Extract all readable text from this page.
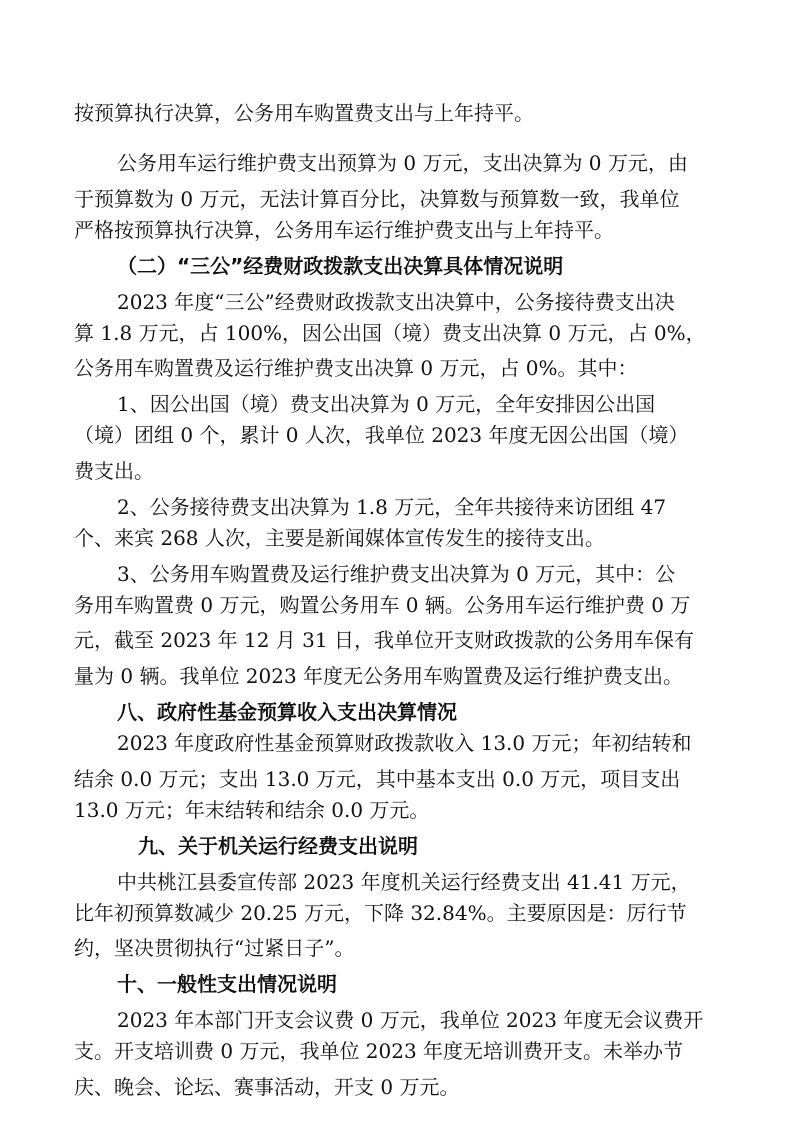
按预算执行决算，公务用车购置费支出与上年持平。
公务用车运行维护费支出预算为 0 万元，支出决算为 0 万元，由
于预算数为 0 万元，无法计算百分比，决算数与预算数一致，我单位
严格按预算执行决算，公务用车运行维护费支出与上年持平。
（二）“三公”经费财政拨款支出决算具体情况说明
2023 年度“三公”经费财政拨款支出决算中，公务接待费支出决
算 1.8 万元，占 100%，因公出国（境）费支出决算 0 万元，占 0%，
公务用车购置费及运行维护费支出决算 0 万元，占 0%。其中：
1、因公出国（境）费支出决算为 0 万元，全年安排因公出国
（境）团组 0 个，累计 0 人次，我单位 2023 年度无因公出国（境）
费支出。
2、公务接待费支出决算为 1.8 万元，全年共接待来访团组 47
个、来宾 268 人次，主要是新闻媒体宣传发生的接待支出。
3、公务用车购置费及运行维护费支出决算为 0 万元，其中：公
务用车购置费 0 万元，购置公务用车 0 辆。公务用车运行维护费 0 万
元，截至 2023 年 12 月 31 日，我单位开支财政拨款的公务用车保有
量为 0 辆。我单位 2023 年度无公务用车购置费及运行维护费支出。
八、政府性基金预算收入支出决算情况
2023 年度政府性基金预算财政拨款收入 13.0 万元；年初结转和
结余 0.0 万元；支出 13.0 万元，其中基本支出 0.0 万元，项目支出
13.0 万元；年末结转和结余 0.0 万元。
九、关于机关运行经费支出说明
中共桃江县委宣传部 2023 年度机关运行经费支出 41.41 万元，
比年初预算数减少 20.25 万元，下降 32.84%。主要原因是：厉行节
约，坚决贯彻执行“过紧日子”。
十、一般性支出情况说明
2023 年本部门开支会议费 0 万元，我单位 2023 年度无会议费开
支。开支培训费 0 万元，我单位 2023 年度无培训费开支。未举办节
庆、晚会、论坛、赛事活动，开支 0 万元。
